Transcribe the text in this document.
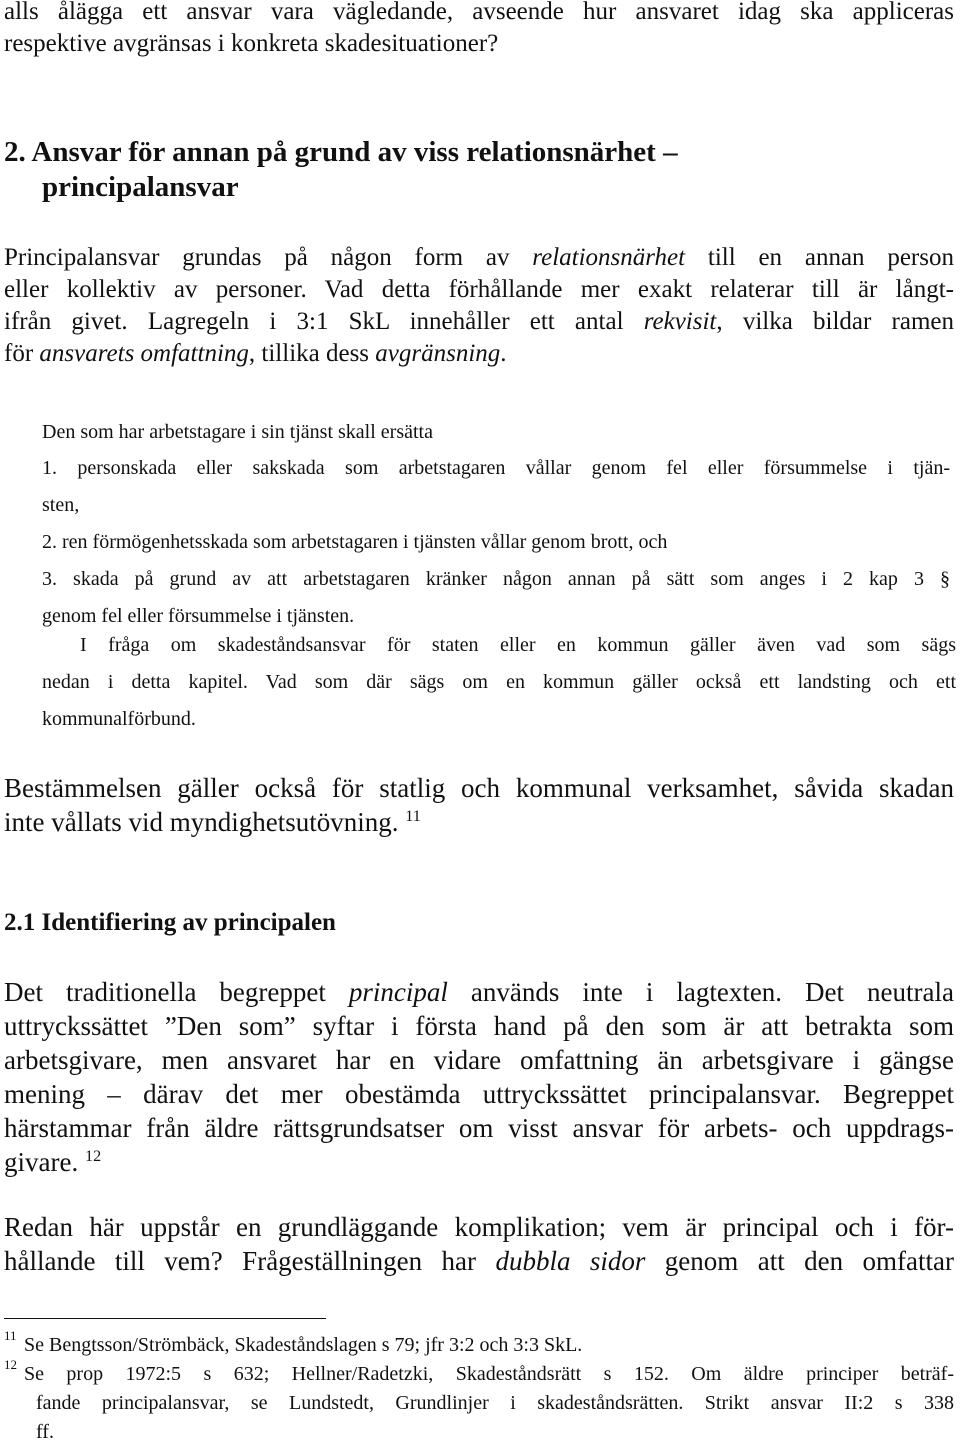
alls ålägga ett ansvar vara vägledande, avseende hur ansvaret idag ska appliceras
respektive avgränsas i konkreta skadesituationer?
2. Ansvar för annan på grund av viss relationsnärhet –
principalansvar
Principalansvar grundas på någon form av relationsnärhet till en annan person
eller kollektiv av personer. Vad detta förhållande mer exakt relaterar till är långt-
ifrån givet. Lagregeln i 3:1 SkL innehåller ett antal rekvisit, vilka bildar ramen
för ansvarets omfattning, tillika dess avgränsning.
Den som har arbetstagare i sin tjänst skall ersätta
1. personskada eller sakskada som arbetstagaren vållar genom fel eller försummelse i tjän-
sten,
2. ren förmögenhetsskada som arbetstagaren i tjänsten vållar genom brott, och
3. skada på grund av att arbetstagaren kränker någon annan på sätt som anges i 2 kap 3 §
genom fel eller försummelse i tjänsten.
I fråga om skadeståndsansvar för staten eller en kommun gäller även vad som sägs
nedan i detta kapitel. Vad som där sägs om en kommun gäller också ett landsting och ett
kommunalförbund.
Bestämmelsen gäller också för statlig och kommunal verksamhet, såvida skadan
inte vållats vid myndighetsutövning. $^{11}$
2.1 Identifiering av principalen
Det traditionella begreppet principal används inte i lagtexten. Det neutrala
uttryckssättet ”Den som” syftar i första hand på den som är att betrakta som
arbetsgivare, men ansvaret har en vidare omfattning än arbetsgivare i gängse
mening – därav det mer obestämda uttryckssättet principalansvar. Begreppet
härstammar från äldre rättsgrundsatser om visst ansvar för arbets- och uppdrags-
givare. $^{12}$
Redan här uppstår en grundläggande komplikation; vem är principal och i för-
hållande till vem? Frågeställningen har dubbla sidor genom att den omfattar
11 Se Bengtsson/Strömbäck, Skadeståndslagen s 79; jfr 3:2 och 3:3 SkL.
12 Se prop 1972:5 s 632; Hellner/Radetzki, Skadeståndsrätt s 152. Om äldre principer beträf-
fande principalansvar, se Lundstedt, Grundlinjer i skadeståndsrätten. Strikt ansvar II:2 s 338
ff.
